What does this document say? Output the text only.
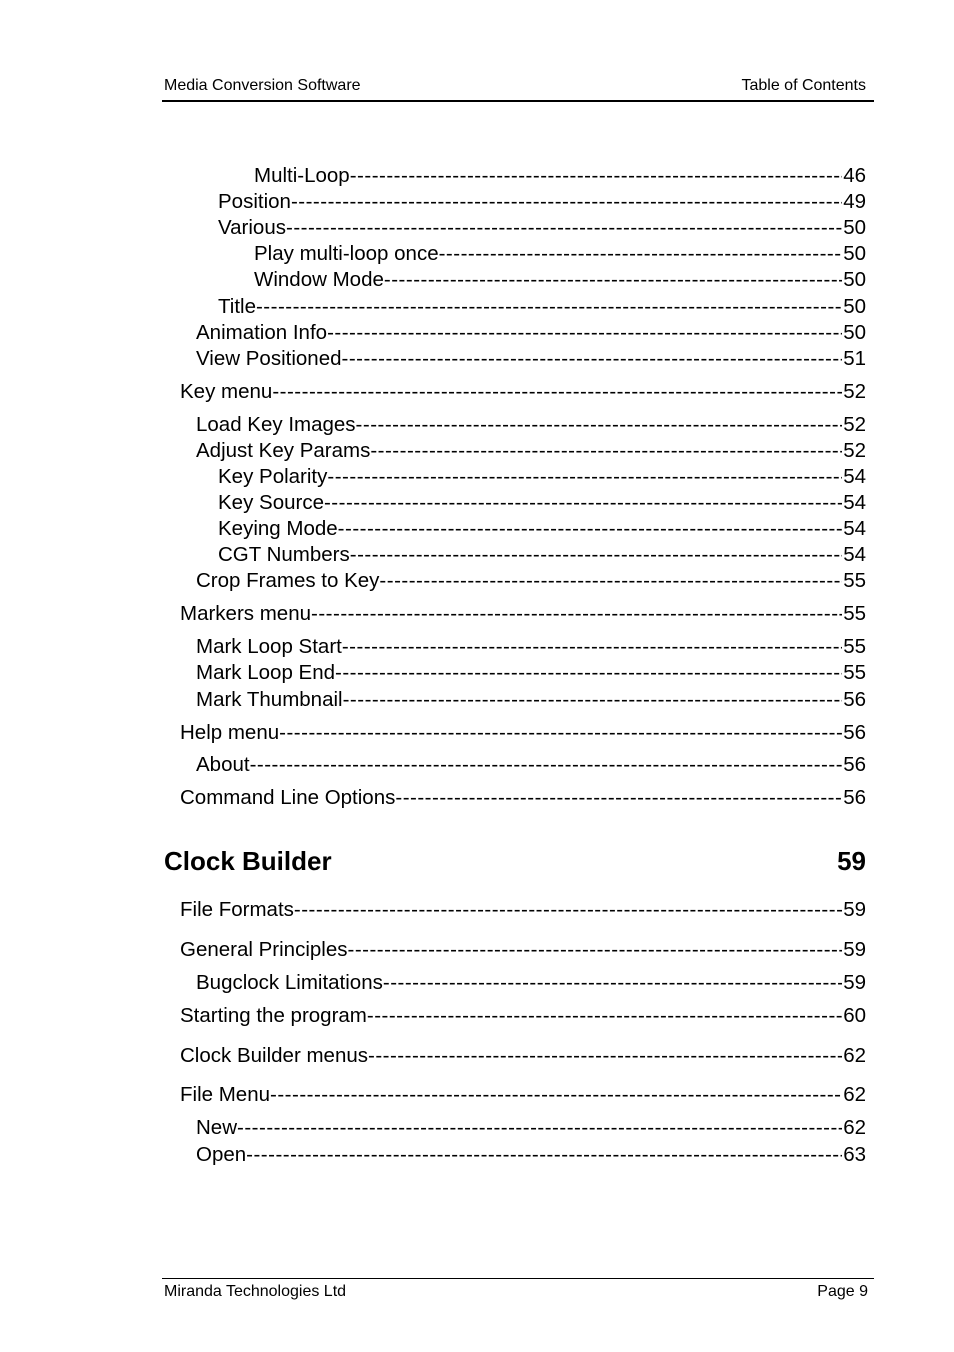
Media Conversion Software	Table of Contents
Multi-Loop -----	46
Position -----	49
Various -----	50
Play multi-loop once -----	50
Window Mode -----	50
Title -----	50
Animation Info -----	50
View Positioned -----	51
Key menu -----	52
Load Key Images -----	52
Adjust Key Params -----	52
Key Polarity -----	54
Key Source -----	54
Keying Mode -----	54
CGT Numbers -----	54
Crop Frames to Key -----	55
Markers menu -----	55
Mark Loop Start -----	55
Mark Loop End -----	55
Mark Thumbnail -----	56
Help menu -----	56
About -----	56
Command Line Options -----	56
Clock Builder	59
File Formats -----	59
General Principles -----	59
Bugclock Limitations -----	59
Starting the program -----	60
Clock Builder menus -----	62
File Menu -----	62
New -----	62
Open -----	63
Miranda Technologies Ltd	Page 9
